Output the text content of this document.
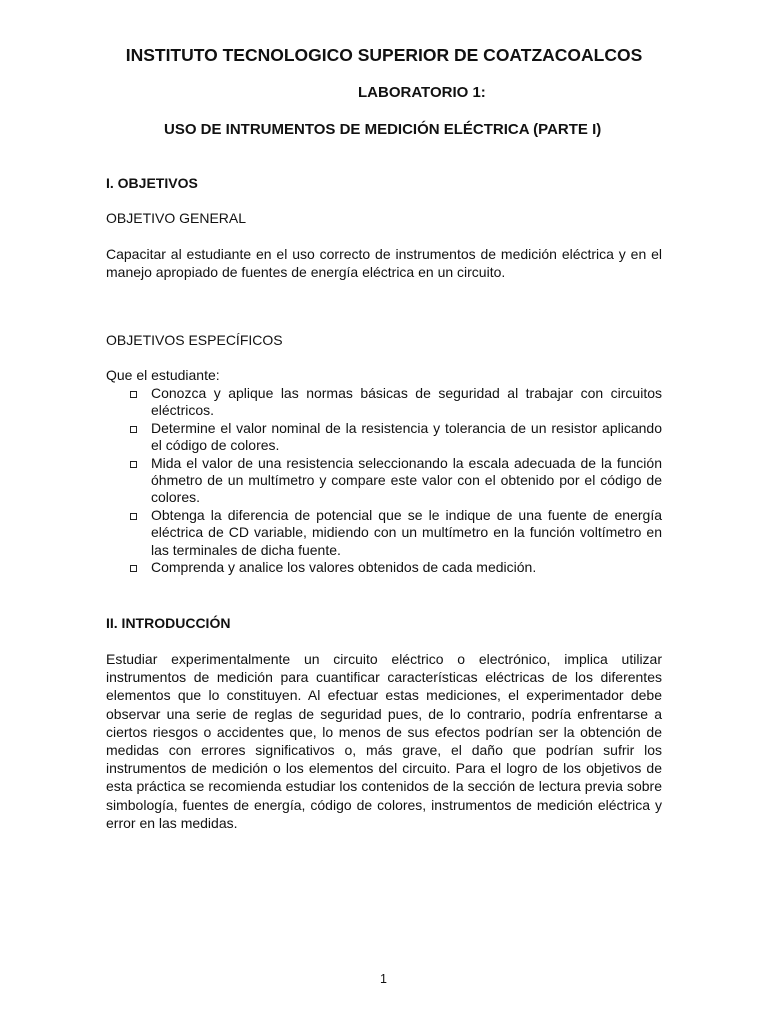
INSTITUTO TECNOLOGICO SUPERIOR DE COATZACOALCOS

LABORATORIO 1:

USO DE INTRUMENTOS DE MEDICIÓN ELÉCTRICA (PARTE I)

I. OBJETIVOS

OBJETIVO GENERAL

Capacitar al estudiante en el uso correcto de instrumentos de medición eléctrica y en el manejo apropiado de fuentes de energía eléctrica en un circuito.

OBJETIVOS ESPECÍFICOS

Que el estudiante:

Conozca y aplique las normas básicas de seguridad al trabajar con circuitos eléctricos.
Determine el valor nominal de la resistencia y tolerancia de un resistor aplicando el código de colores.
Mida el valor de una resistencia seleccionando la escala adecuada de la función óhmetro de un multímetro y compare este valor con el obtenido por el código de colores.
Obtenga la diferencia de potencial que se le indique de una fuente de energía eléctrica de CD variable, midiendo con un multímetro en la función voltímetro en las terminales de dicha fuente.
Comprenda y analice los valores obtenidos de cada medición.

II. INTRODUCCIÓN

Estudiar experimentalmente un circuito eléctrico o electrónico, implica utilizar instrumentos de medición para cuantificar características eléctricas de los diferentes elementos que lo constituyen. Al efectuar estas mediciones, el experimentador debe observar una serie de reglas de seguridad pues, de lo contrario, podría enfrentarse a ciertos riesgos o accidentes que, lo menos de sus efectos podrían ser la obtención de medidas con errores significativos o, más grave, el daño que podrían sufrir los instrumentos de medición o los elementos del circuito. Para el logro de los objetivos de esta práctica se recomienda estudiar los contenidos de la sección de lectura previa sobre simbología, fuentes de energía, código de colores, instrumentos de medición eléctrica y error en las medidas.

1
